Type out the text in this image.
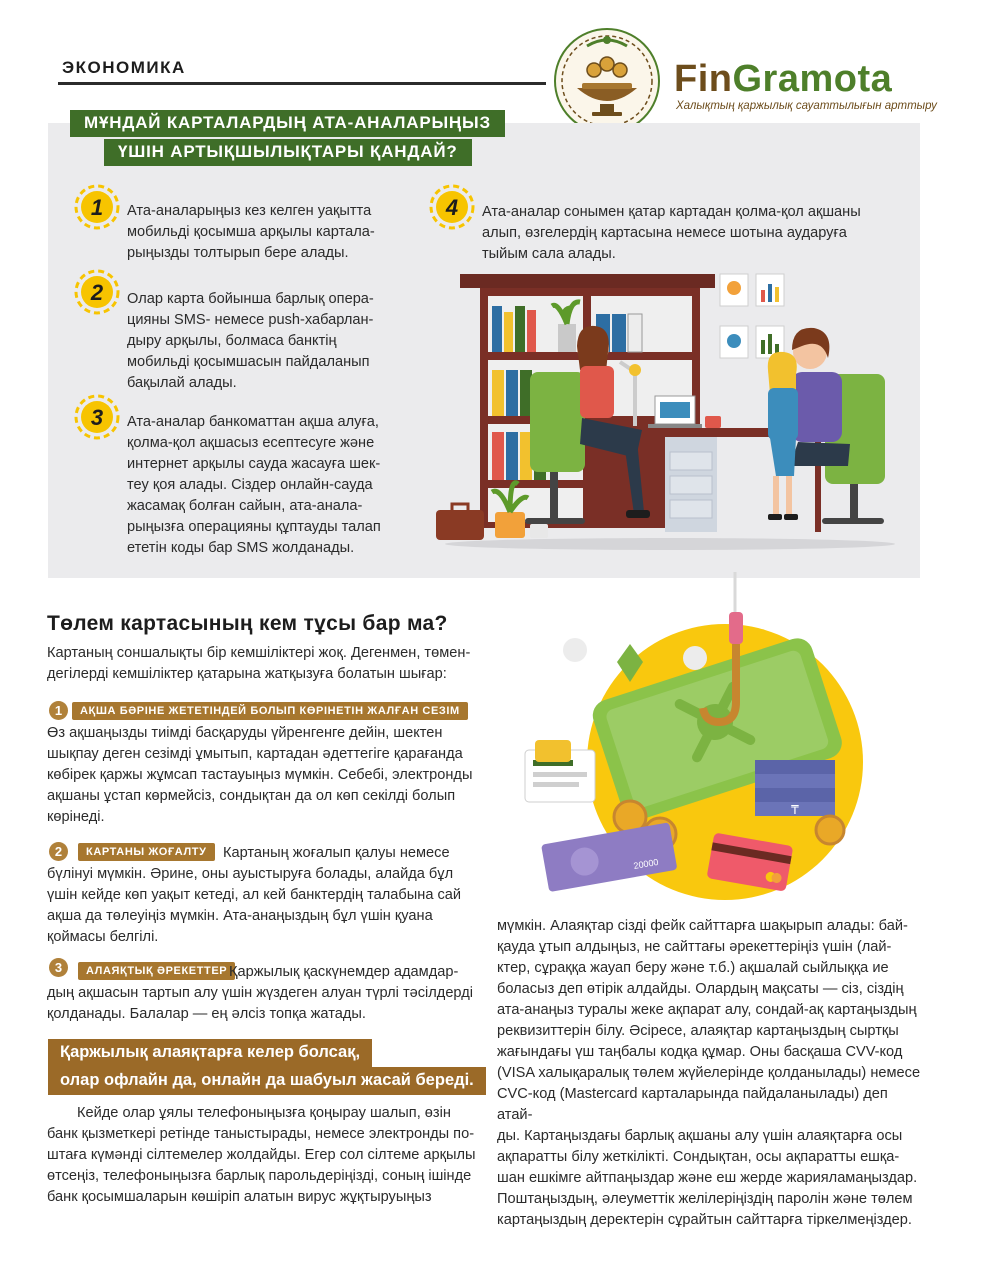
ЭКОНОМИКА	FinGramota
Халықтың қаржылық сауаттылығын арттыру
МҰНДАЙ КАРТАЛАРДЫҢ АТА-АНАЛАРЫҢЫЗ
ҮШІН АРТЫҚШЫЛЫҚТАРЫ ҚАНДАЙ?
1
2
3
4
Ата-аналарыңыз кез келген уақытта
мобильді қосымша арқылы картала-
рыңызды толтырып бере алады.
Олар карта бойынша барлық опера-
цияны SMS- немесе push-хабарлан-
дыру арқылы, болмаса банктің
мобильді қосымшасын пайдаланып
бақылай алады.
Ата-аналар банкоматтан ақша алуға,
қолма-қол ақшасыз есептесуге және
интернет арқылы сауда жасауға шек-
теу қоя алады. Сіздер онлайн-сауда
жасамақ болған сайын, ата-анала-
рыңызға операцияны құптауды талап
ететін коды бар SMS жолданады.
Ата-аналар сонымен қатар картадан қолма-қол ақшаны
алып, өзгелердің картасына немесе шотына аударуға
тыйым сала алады.
Төлем картасының кем тұсы бар ма?
Картаның соншалықты бір кемшіліктері жоқ. Дегенмен, төмен-
дегілерді кемшіліктер қатарына жатқызуға болатын шығар:
1	АҚША БӘРІНЕ ЖЕТЕТІНДЕЙ БОЛЫП КӨРІНЕТІН ЖАЛҒАН СЕЗІМ
Өз ақшаңызды тиімді басқаруды үйренгенге дейін, шектен
шықпау деген сезімді ұмытып, картадан әдеттегіге қарағанда
көбірек қаржы жұмсап тастауыңыз мүмкін. Себебі, электронды
ақшаны ұстап көрмейсіз, сондықтан да ол көп секілді болып
көрінеді.
2	КАРТАНЫ ЖОҒАЛТУ	Картаның жоғалып қалуы немесе
бүлінуі мүмкін. Әрине, оны ауыстыруға болады, алайда бұл
үшін кейде көп уақыт кетеді, ал кей банктердің талабына сай
ақша да төлеуіңіз мүмкін. Ата-анаңыздың бұл үшін қуана
қоймасы белгілі.
3	АЛАЯҚТЫҚ ӘРЕКЕТТЕР Қаржылық қаскүнемдер адамдар-
дың ақшасын тартып алу үшін жүздеген алуан түрлі тәсілдерді
қолданады. Балалар — ең әлсіз топқа жатады.
Қаржылық алаяқтарға келер болсақ,
олар офлайн да, онлайн да шабуыл жасай береді.
Кейде олар ұялы телефоныңызға қоңырау шалып, өзін
банк қызметкері ретінде таныстырады, немесе электронды по-
штаға күмәнді сілтемелер жолдайды. Егер сол сілтеме арқылы
өтсеңіз, телефоныңызға барлық парольдеріңізді, соның ішінде
банк қосымшаларын көшіріп алатын вирус жұқтыруыңыз
₸
20000
мүмкін. Алаяқтар сізді фейк сайттарға шақырып алады: бай-
қауда ұтып алдыңыз, не сайттағы әрекеттеріңіз үшін (лай-
ктер, сұраққа жауап беру және т.б.) ақшалай сыйлыққа ие
боласыз деп өтірік алдайды. Олардың мақсаты — сіз, сіздің
ата-анаңыз туралы жеке ақпарат алу, сондай-ақ картаңыздың
реквизиттерін білу. Әсіресе, алаяқтар картаңыздың сыртқы
жағындағы үш таңбалы кодқа құмар. Оны басқаша CVV-код
(VISA халықаралық төлем жүйелерінде қолданылады) немесе
CVC-код (Mastercard карталарында пайдаланылады) деп атай-
ды. Картаңыздағы барлық ақшаны алу үшін алаяқтарға осы
ақпаратты білу жеткілікті. Сондықтан, осы ақпаратты ешқа-
шан ешкімге айтпаңыздар және еш жерде жарияламаңыздар.
Поштаңыздың, әлеуметтік желілеріңіздің паролін және төлем
картаңыздың деректерін сұрайтын сайттарға тіркелмеңіздер.
